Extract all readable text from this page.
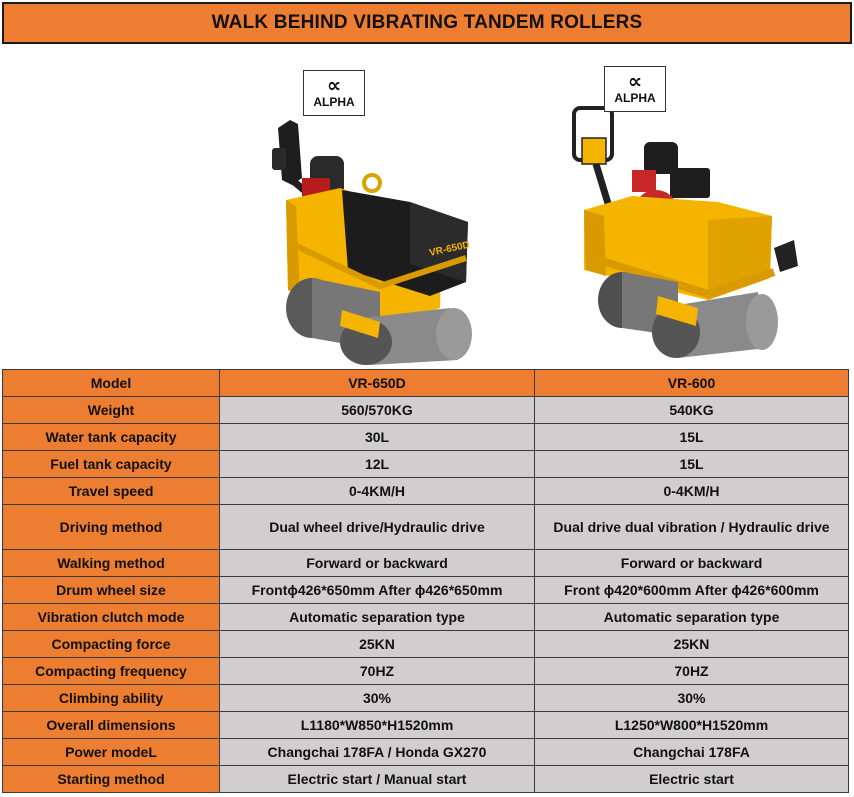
WALK BEHIND VIBRATING TANDEM ROLLERS
VR-650D
∝
ALPHA
∝
ALPHA
Model	VR-650D	VR-600
Weight	560/570KG	540KG
Water tank capacity	30L	15L
Fuel tank capacity	12L	15L
Travel speed	0-4KM/H	0-4KM/H
Driving method	Dual wheel drive/Hydraulic drive	Dual drive dual vibration / Hydraulic drive
Walking method	Forward or backward	Forward or backward
Drum wheel size	Frontϕ426*650mm After ϕ426*650mm	Front ϕ420*600mm After ϕ426*600mm
Vibration clutch mode	Automatic separation type	Automatic separation type
Compacting force	25KN	25KN
Compacting frequency	70HZ	70HZ
Climbing ability	30%	30%
Overall dimensions	L1180*W850*H1520mm	L1250*W800*H1520mm
Power modeL	Changchai 178FA / Honda GX270	Changchai 178FA
Starting method	Electric start / Manual start	Electric start
